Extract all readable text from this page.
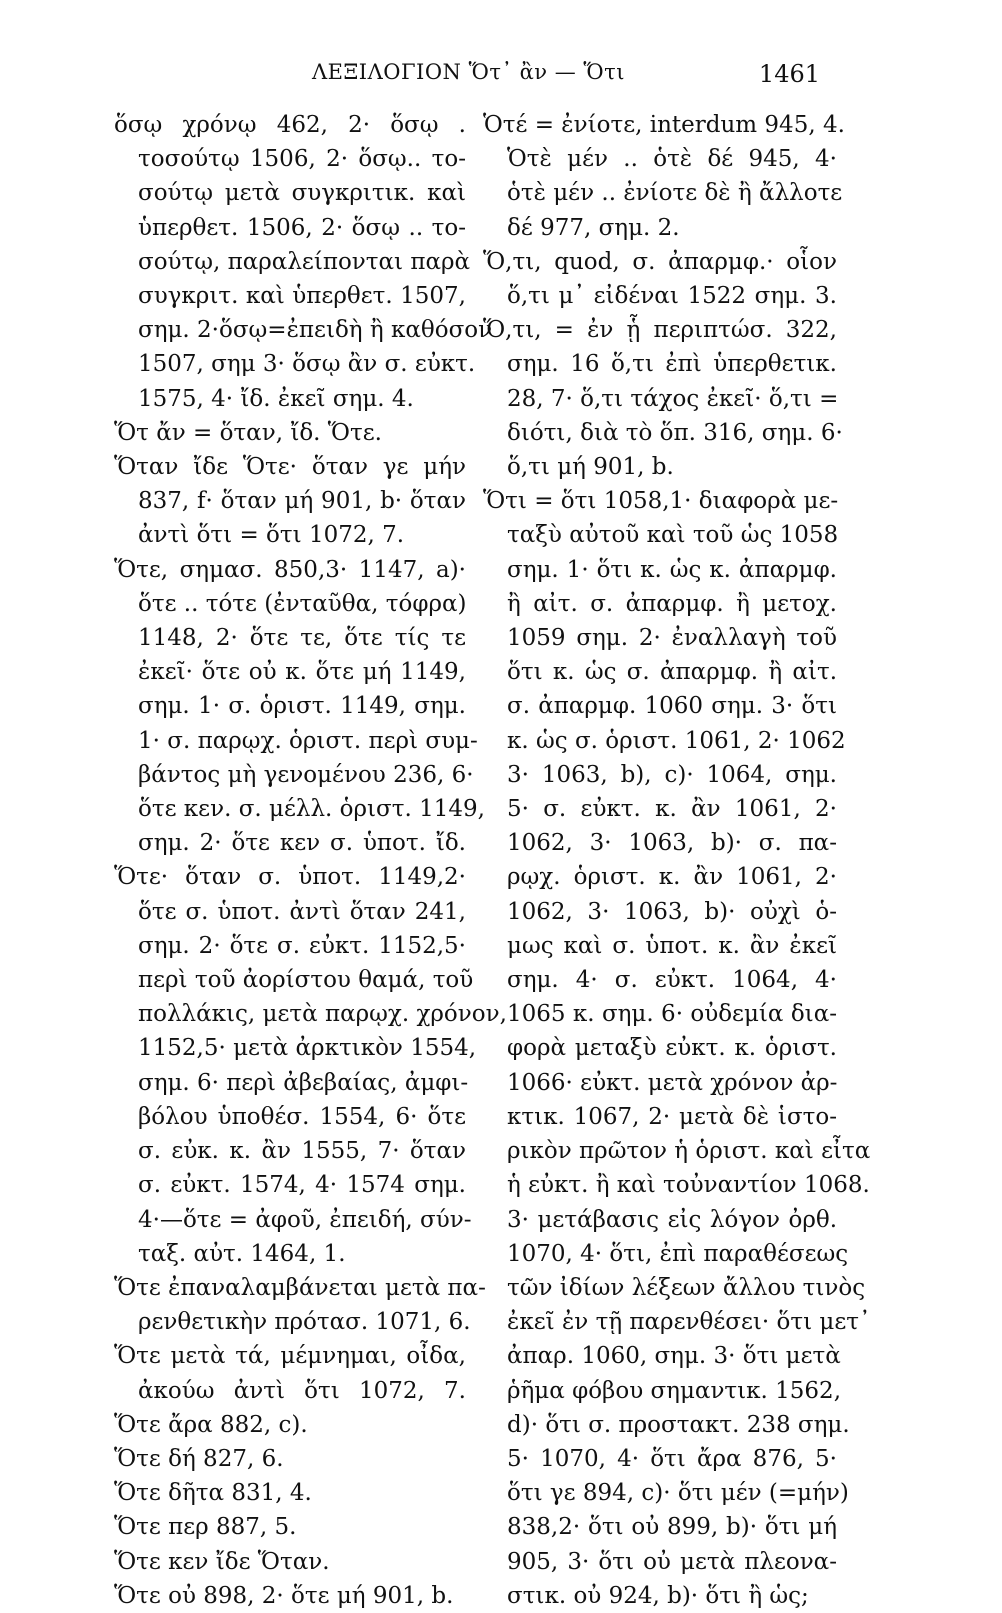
ΛΕΞΙΛΟΓΙΟΝ Ὅτ᾽ ἂν — Ὅτι	1461
ὅσῳ χρόνῳ 462, 2· ὅσῳ .
τοσούτῳ 1506, 2· ὅσῳ.. το-
σούτῳ μετὰ συγκριτικ. καὶ
ὑπερθετ. 1506, 2· ὅσῳ .. το-
σούτῳ, παραλείπονται παρὰ
συγκριτ. καὶ ὑπερθετ. 1507,
σημ. 2·ὅσῳ=ἐπειδὴ ἢ καθόσον
1507, σημ 3· ὅσῳ ἂν σ. εὐκτ.
1575, 4· ἴδ. ἐκεῖ σημ. 4.
Ὅτ ἄν = ὅταν, ἴδ. Ὅτε.
Ὅταν ἴδε Ὅτε· ὅταν γε μήν
837, f· ὅταν μή 901, b· ὅταν
ἀντὶ ὅτι = ὅτι 1072, 7.
Ὅτε, σημασ. 850,3· 1147, a)·
ὅτε .. τότε (ἐνταῦθα, τόφρα)
1148, 2· ὅτε τε, ὅτε τίς τε
ἐκεῖ· ὅτε οὐ κ. ὅτε μή 1149,
σημ. 1· σ. ὁριστ. 1149, σημ.
1· σ. παρῳχ. ὁριστ. περὶ συμ-
βάντος μὴ γενομένου 236, 6·
ὅτε κεν. σ. μέλλ. ὁριστ. 1149,
σημ. 2· ὅτε κεν σ. ὑποτ. ἴδ.
Ὅτε· ὅταν σ. ὑποτ. 1149,2·
ὅτε σ. ὑποτ. ἀντὶ ὅταν 241,
σημ. 2· ὅτε σ. εὐκτ. 1152,5·
περὶ τοῦ ἀορίστου θαμά, τοῦ
πολλάκις, μετὰ παρῳχ. χρόνον,
1152,5· μετὰ ἀρκτικὸν 1554,
σημ. 6· περὶ ἀβεβαίας, ἀμφι-
βόλου ὑποθέσ. 1554, 6· ὅτε
σ. εὐκ. κ. ἂν 1555, 7· ὅταν
σ. εὐκτ. 1574, 4· 1574 σημ.
4·—ὅτε = ἀφοῦ, ἐπειδή, σύν-
ταξ. αὐτ. 1464, 1.
Ὅτε ἐπαναλαμβάνεται μετὰ πα-
ρενθετικὴν πρότασ. 1071, 6.
Ὅτε μετὰ τά, μέμνημαι, οἶδα,
ἀκούω ἀντὶ ὅτι 1072, 7.
Ὅτε ἄρα 882, c).
Ὅτε δή 827, 6.
Ὅτε δῆτα 831, 4.
Ὅτε περ 887, 5.
Ὅτε κεν ἴδε Ὅταν.
Ὅτε οὐ 898, 2· ὅτε μή 901, b.
Ὁτέ = ἐνίοτε, interdum 945, 4.
Ὁτὲ μέν .. ὁτὲ δέ 945, 4·
ὁτὲ μέν .. ἐνίοτε δὲ ἢ ἄλλοτε
δέ 977, σημ. 2.
Ὅ,τι, quod, σ. ἀπαρμφ.· οἷον
ὅ,τι μ᾽ εἰδέναι 1522 σημ. 3.
Ὅ,τι, = ἐν ᾗ περιπτώσ. 322,
σημ. 16 ὅ,τι ἐπὶ ὑπερθετικ.
28, 7· ὅ,τι τάχος ἐκεῖ· ὅ,τι =
διότι, διὰ τὸ ὅπ. 316, σημ. 6·
ὅ,τι μή 901, b.
Ὅτι = ὅτι 1058,1· διαφορὰ με-
ταξὺ αὐτοῦ καὶ τοῦ ὡς 1058
σημ. 1· ὅτι κ. ὡς κ. ἀπαρμφ.
ἢ αἰτ. σ. ἀπαρμφ. ἢ μετοχ.
1059 σημ. 2· ἐναλλαγὴ τοῦ
ὅτι κ. ὡς σ. ἀπαρμφ. ἢ αἰτ.
σ. ἀπαρμφ. 1060 σημ. 3· ὅτι
κ. ὡς σ. ὁριστ. 1061, 2· 1062
3· 1063, b), c)· 1064, σημ.
5· σ. εὐκτ. κ. ἂν 1061, 2·
1062, 3· 1063, b)· σ. πα-
ρῳχ. ὁριστ. κ. ἂν 1061, 2·
1062, 3· 1063, b)· οὐχὶ ὁ-
μως καὶ σ. ὑποτ. κ. ἂν ἐκεῖ
σημ. 4· σ. εὐκτ. 1064, 4·
1065 κ. σημ. 6· οὐδεμία δια-
φορὰ μεταξὺ εὐκτ. κ. ὁριστ.
1066· εὐκτ. μετὰ χρόνον ἀρ-
κτικ. 1067, 2· μετὰ δὲ ἱστο-
ρικὸν πρῶτον ἡ ὁριστ. καὶ εἶτα
ἡ εὐκτ. ἢ καὶ τοὐναντίον 1068.
3· μετάβασις εἰς λόγον ὀρθ.
1070, 4· ὅτι, ἐπὶ παραθέσεως
τῶν ἰδίων λέξεων ἄλλου τινὸς
ἐκεῖ ἐν τῇ παρενθέσει· ὅτι μετ᾽
ἀπαρ. 1060, σημ. 3· ὅτι μετὰ
ῥῆμα φόβου σημαντικ. 1562,
d)· ὅτι σ. προστακτ. 238 σημ.
5· 1070, 4· ὅτι ἄρα 876, 5·
ὅτι γε 894, c)· ὅτι μέν (=μήν)
838,2· ὅτι οὐ 899, b)· ὅτι μή
905, 3· ὅτι οὐ μετὰ πλεονα-
στικ. οὐ 924, b)· ὅτι ἢ ὡς;
